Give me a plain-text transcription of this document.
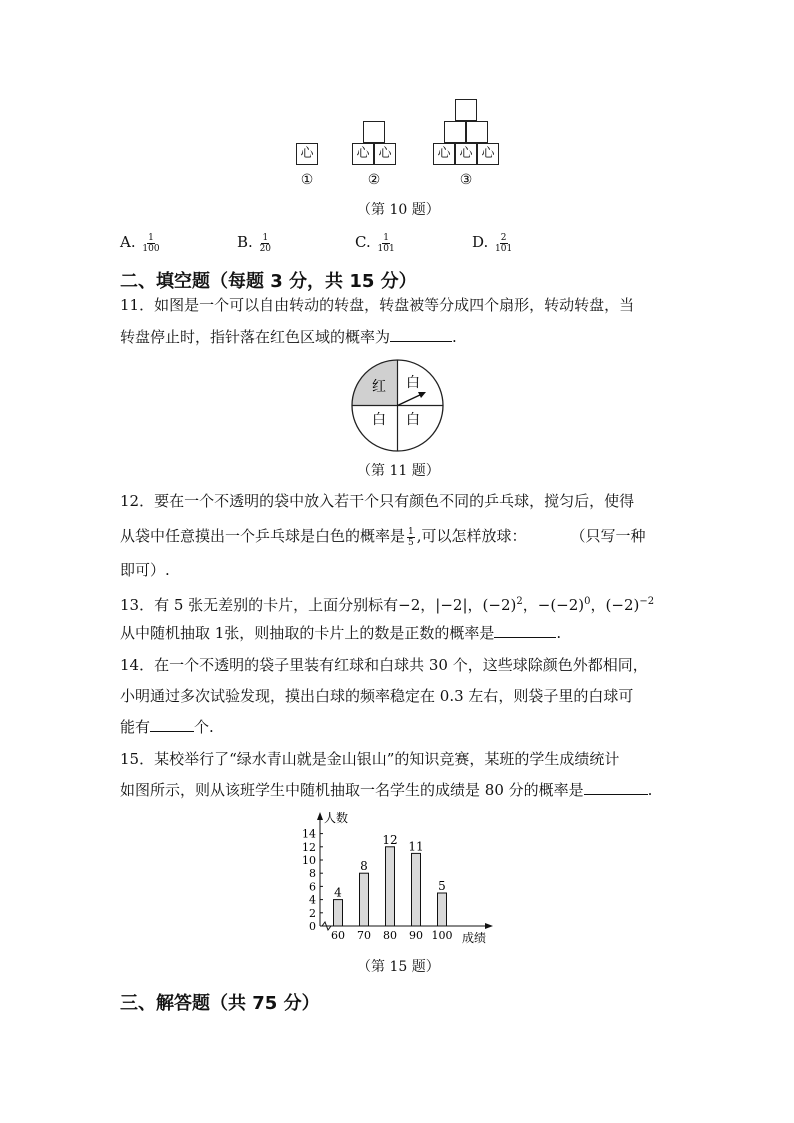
心	心 心	心 心 心
①	②	③
（第 10 题）
A. $\frac{1}{100}$	B. $\frac{1}{20}$	C. $\frac{1}{101}$	D. $\frac{2}{101}$
二、填空题（每题 3 分，共 15 分）
11．如图是一个可以自由转动的转盘，转盘被等分成四个扇形，转动转盘，当
转盘停止时，指针落在红色区域的概率为	.
红 白
白 白
（第 11 题）
12．要在一个不透明的袋中放入若干个只有颜色不同的乒乓球，搅匀后，使得
从袋中任意摸出一个乒乓球是白色的概率是 $\frac{1}{5}$ ,可以怎样放球：	（只写一种
即可）.
13．有 5 张无差别的卡片，上面分别标有−2，|−2|，$(-2)^2$，$-(-2)^0$，$(-2)^{-2}$
从中随机抽取 1张，则抽取的卡片上的数是正数的概率是	.
14．在一个不透明的袋子里装有红球和白球共 30 个，这些球除颜色外都相同，
小明通过多次试验发现，摸出白球的频率稳定在 0.3 左右，则袋子里的白球可
能有	个.
15．某校举行了“绿水青山就是金山银山”的知识竞赛，某班的学生成绩统计
如图所示，则从该班学生中随机抽取一名学生的成绩是 80 分的概率是	.
0
2
4
6
8
10
12
14
人数
4
60
8
70
12
80
11
90
5
100 成绩
（第 15 题）
三、解答题（共 75 分）
